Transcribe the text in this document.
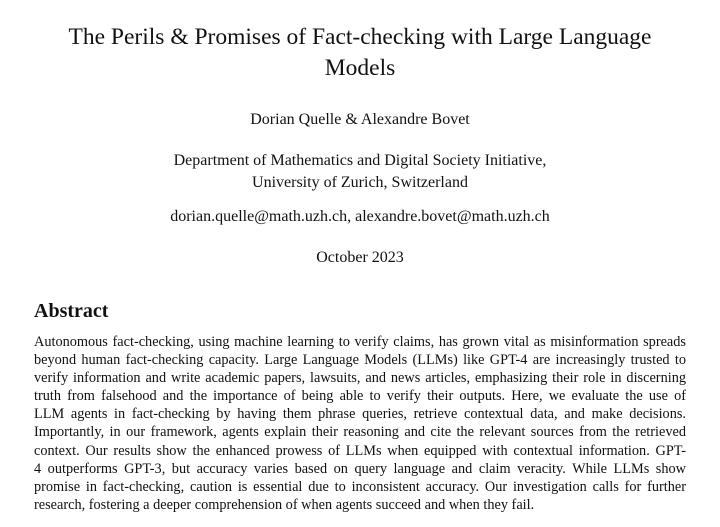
The Perils & Promises of Fact-checking with Large Language Models
Dorian Quelle & Alexandre Bovet
Department of Mathematics and Digital Society Initiative,
University of Zurich, Switzerland
dorian.quelle@math.uzh.ch, alexandre.bovet@math.uzh.ch
October 2023
Abstract

Autonomous fact-checking, using machine learning to verify claims, has grown vital as misinformation spreads
beyond human fact-checking capacity. Large Language Models (LLMs) like GPT-4 are increasingly trusted to
verify information and write academic papers, lawsuits, and news articles, emphasizing their role in discerning
truth from falsehood and the importance of being able to verify their outputs. Here, we evaluate the use of
LLM agents in fact-checking by having them phrase queries, retrieve contextual data, and make decisions.
Importantly, in our framework, agents explain their reasoning and cite the relevant sources from the retrieved
context. Our results show the enhanced prowess of LLMs when equipped with contextual information. GPT-
4 outperforms GPT-3, but accuracy varies based on query language and claim veracity. While LLMs show
promise in fact-checking, caution is essential due to inconsistent accuracy. Our investigation calls for further
research, fostering a deeper comprehension of when agents succeed and when they fail.
